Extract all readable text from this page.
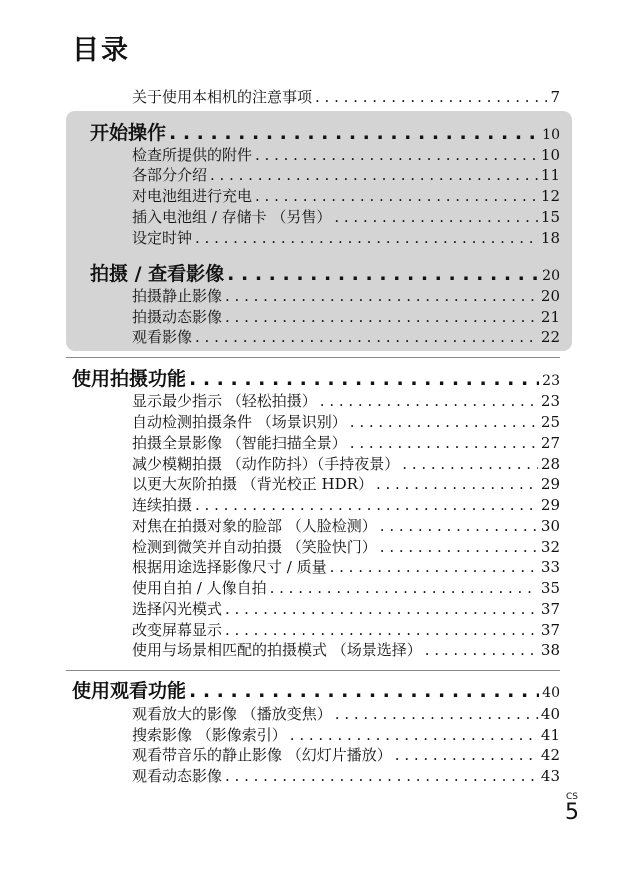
目录
关于使用本相机的注意事项 . . .	7
开始操作 . . .	10
检查所提供的附件 . . .	10
各部分介绍 . . .	11
对电池组进行充电 . . .	12
插入电池组 / 存储卡 （另售） . . .	15
设定时钟 . . .	18
拍摄 / 查看影像 . . .	20
拍摄静止影像 . . .	20
拍摄动态影像 . . .	21
观看影像 . . .	22
使用拍摄功能 . . .	23
显示最少指示 （轻松拍摄） . . .	23
自动检测拍摄条件 （场景识别） . . .	25
拍摄全景影像 （智能扫描全景） . . .	27
减少模糊拍摄 （动作防抖）（手持夜景） . . .	28
以更大灰阶拍摄 （背光校正 HDR） . . .	29
连续拍摄 . . .	29
对焦在拍摄对象的脸部 （人脸检测） . . .	30
检测到微笑并自动拍摄 （笑脸快门） . . .	32
根据用途选择影像尺寸 / 质量 . . .	33
使用自拍 / 人像自拍 . . .	35
选择闪光模式 . . .	37
改变屏幕显示 . . .	37
使用与场景相匹配的拍摄模式 （场景选择） . . .	38
使用观看功能 . . .	40
观看放大的影像 （播放变焦） . . .	40
搜索影像 （影像索引） . . .	41
观看带音乐的静止影像 （幻灯片播放） . . .	42
观看动态影像 . . .	43
CS
5
